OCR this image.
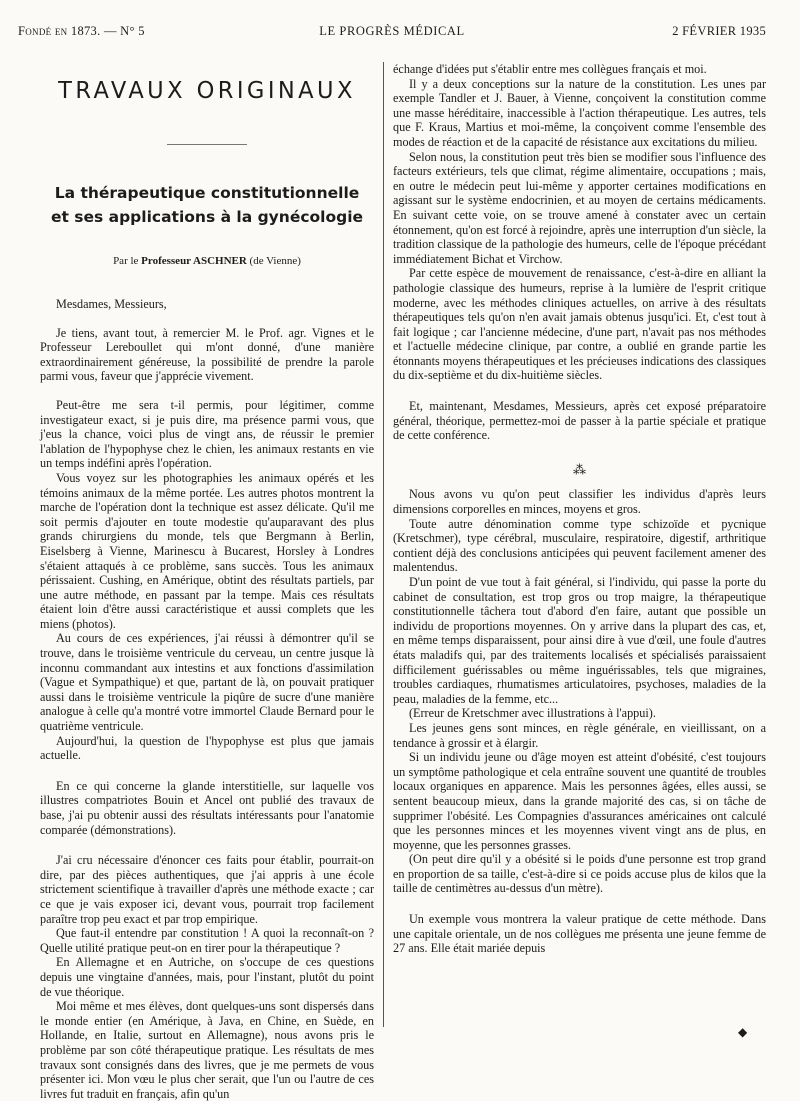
Fondé en 1873. — N° 5	LE PROGRÈS MÉDICAL	2 FÉVRIER 1935
TRAVAUX ORIGINAUX
La thérapeutique constitutionnelle
et ses applications à la gynécologie
Par le Professeur ASCHNER (de Vienne)

Mesdames, Messieurs,

Je tiens, avant tout, à remercier M. le Prof. agr. Vignes et le Professeur Lereboullet qui m'ont donné, d'une manière extraordinairement généreuse, la possibilité de prendre la parole parmi vous, faveur que j'apprécie vivement.

Peut-être me sera t-il permis, pour légitimer, comme investigateur exact, si je puis dire, ma présence parmi vous, que j'eus la chance, voici plus de vingt ans, de réussir le premier l'ablation de l'hypophyse chez le chien, les animaux restants en vie un temps indéfini après l'opération.

Vous voyez sur les photographies les animaux opérés et les témoins animaux de la même portée. Les autres photos montrent la marche de l'opération dont la technique est assez délicate. Qu'il me soit permis d'ajouter en toute modestie qu'auparavant des plus grands chirurgiens du monde, tels que Bergmann à Berlin, Eiselsberg à Vienne, Marinescu à Bucarest, Horsley à Londres s'étaient attaqués à ce problème, sans succès. Tous les animaux périssaient. Cushing, en Amérique, obtint des résultats partiels, par une autre méthode, en passant par la tempe. Mais ces résultats étaient loin d'être aussi caractéristique et aussi complets que les miens (photos).

Au cours de ces expériences, j'ai réussi à démontrer qu'il se trouve, dans le troisième ventricule du cerveau, un centre jusque là inconnu commandant aux intestins et aux fonctions d'assimilation (Vague et Sympathique) et que, partant de là, on pouvait pratiquer aussi dans le troisième ventricule la piqûre de sucre d'une manière analogue à celle qu'a montré votre immortel Claude Bernard pour le quatrième ventricule.

Aujourd'hui, la question de l'hypophyse est plus que jamais actuelle.

En ce qui concerne la glande interstitielle, sur laquelle vos illustres compatriotes Bouin et Ancel ont publié des travaux de base, j'ai pu obtenir aussi des résultats intéressants pour l'anatomie comparée (démonstrations).

J'ai cru nécessaire d'énoncer ces faits pour établir, pourrait-on dire, par des pièces authentiques, que j'ai appris à une école strictement scientifique à travailler d'après une méthode exacte ; car ce que je vais exposer ici, devant vous, pourrait trop facilement paraître trop peu exact et par trop empirique.

Que faut-il entendre par constitution ! A quoi la reconnaît-on ? Quelle utilité pratique peut-on en tirer pour la thérapeutique ?

En Allemagne et en Autriche, on s'occupe de ces questions depuis une vingtaine d'années, mais, pour l'instant, plutôt du point de vue théorique.

Moi même et mes élèves, dont quelques-uns sont dispersés dans le monde entier (en Amérique, à Java, en Chine, en Suède, en Hollande, en Italie, surtout en Allemagne), nous avons pris le problème par son côté thérapeutique pratique. Les résultats de mes travaux sont consignés dans des livres, que je me permets de vous présenter ici. Mon vœu le plus cher serait, que l'un ou l'autre de ces livres fut traduit en français, afin qu'un

échange d'idées put s'établir entre mes collègues français et moi.

Il y a deux conceptions sur la nature de la constitution. Les unes par exemple Tandler et J. Bauer, à Vienne, conçoivent la constitution comme une masse héréditaire, inaccessible à l'action thérapeutique. Les autres, tels que F. Kraus, Martius et moi-même, la conçoivent comme l'ensemble des modes de réaction et de la capacité de résistance aux excitations du milieu.

Selon nous, la constitution peut très bien se modifier sous l'influence des facteurs extérieurs, tels que climat, régime alimentaire, occupations ; mais, en outre le médecin peut lui-même y apporter certaines modifications en agissant sur le système endocrinien, et au moyen de certains médicaments. En suivant cette voie, on se trouve amené à constater avec un certain étonnement, qu'on est forcé à rejoindre, après une interruption d'un siècle, la tradition classique de la pathologie des humeurs, celle de l'époque précédant immédiatement Bichat et Virchow.

Par cette espèce de mouvement de renaissance, c'est-à-dire en alliant la pathologie classique des humeurs, reprise à la lumière de l'esprit critique moderne, avec les méthodes cliniques actuelles, on arrive à des résultats thérapeutiques tels qu'on n'en avait jamais obtenus jusqu'ici. Et, c'est tout à fait logique ; car l'ancienne médecine, d'une part, n'avait pas nos méthodes et l'actuelle médecine clinique, par contre, a oublié en grande partie les étonnants moyens thérapeutiques et les précieuses indications des classiques du dix-septième et du dix-huitième siècles.

Et, maintenant, Mesdames, Messieurs, après cet exposé préparatoire général, théorique, permettez-moi de passer à la partie spéciale et pratique de cette conférence.

⁂

Nous avons vu qu'on peut classifier les individus d'après leurs dimensions corporelles en minces, moyens et gros.

Toute autre dénomination comme type schizoïde et pycnique (Kretschmer), type cérébral, musculaire, respiratoire, digestif, arthritique contient déjà des conclusions anticipées qui peuvent facilement amener des malentendus.

D'un point de vue tout à fait général, si l'individu, qui passe la porte du cabinet de consultation, est trop gros ou trop maigre, la thérapeutique constitutionnelle tâchera tout d'abord d'en faire, autant que possible un individu de proportions moyennes. On y arrive dans la plupart des cas, et, en même temps disparaissent, pour ainsi dire à vue d'œil, une foule d'autres états maladifs qui, par des traitements localisés et spécialisés paraissaient difficilement guérissables ou même inguérissables, tels que migraines, troubles cardiaques, rhumatismes articulatoires, psychoses, maladies de la peau, maladies de la femme, etc...

(Erreur de Kretschmer avec illustrations à l'appui).

Les jeunes gens sont minces, en règle générale, en vieillissant, on a tendance à grossir et à élargir.

Si un individu jeune ou d'âge moyen est atteint d'obésité, c'est toujours un symptôme pathologique et cela entraîne souvent une quantité de troubles locaux organiques en apparence. Mais les personnes âgées, elles aussi, se sentent beaucoup mieux, dans la grande majorité des cas, si on tâche de supprimer l'obésité. Les Compagnies d'assurances américaines ont calculé que les personnes minces et les moyennes vivent vingt ans de plus, en moyenne, que les personnes grasses.

(On peut dire qu'il y a obésité si le poids d'une personne est trop grand en proportion de sa taille, c'est-à-dire si ce poids accuse plus de kilos que la taille de centimètres au-dessus d'un mètre).

Un exemple vous montrera la valeur pratique de cette méthode. Dans une capitale orientale, un de nos collègues me présenta une jeune femme de 27 ans. Elle était mariée depuis

◆
